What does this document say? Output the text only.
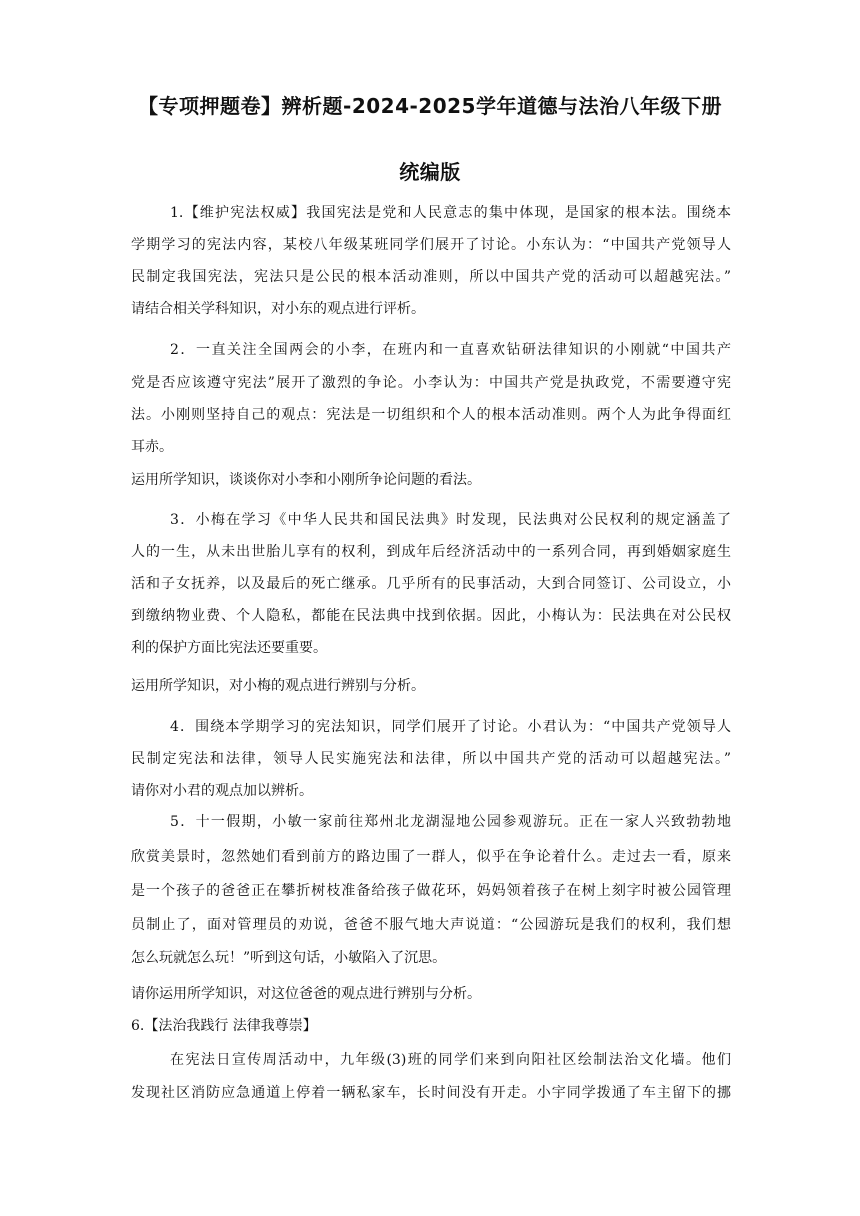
【专项押题卷】辨析题-2024-2025学年道德与法治八年级下册
统编版
1.【维护宪法权威】我国宪法是党和人民意志的集中体现，是国家的根本法。围绕本
学期学习的宪法内容，某校八年级某班同学们展开了讨论。小东认为：“中国共产党领导人
民制定我国宪法，宪法只是公民的根本活动准则，所以中国共产党的活动可以超越宪法。”
请结合相关学科知识，对小东的观点进行评析。
2．一直关注全国两会的小李，在班内和一直喜欢钻研法律知识的小刚就“中国共产
党是否应该遵守宪法”展开了激烈的争论。小李认为：中国共产党是执政党，不需要遵守宪
法。小刚则坚持自己的观点：宪法是一切组织和个人的根本活动准则。两个人为此争得面红
耳赤。
运用所学知识，谈谈你对小李和小刚所争论问题的看法。
3．小梅在学习《中华人民共和国民法典》时发现，民法典对公民权利的规定涵盖了
人的一生，从未出世胎儿享有的权利，到成年后经济活动中的一系列合同，再到婚姻家庭生
活和子女抚养，以及最后的死亡继承。几乎所有的民事活动，大到合同签订、公司设立，小
到缴纳物业费、个人隐私，都能在民法典中找到依据。因此，小梅认为：民法典在对公民权
利的保护方面比宪法还要重要。
运用所学知识，对小梅的观点进行辨别与分析。
4．围绕本学期学习的宪法知识，同学们展开了讨论。小君认为：“中国共产党领导人
民制定宪法和法律，领导人民实施宪法和法律，所以中国共产党的活动可以超越宪法。”
请你对小君的观点加以辨析。
5．十一假期，小敏一家前往郑州北龙湖湿地公园参观游玩。正在一家人兴致勃勃地
欣赏美景时，忽然她们看到前方的路边围了一群人，似乎在争论着什么。走过去一看，原来
是一个孩子的爸爸正在攀折树枝准备给孩子做花环，妈妈领着孩子在树上刻字时被公园管理
员制止了，面对管理员的劝说，爸爸不服气地大声说道：“公园游玩是我们的权利，我们想
怎么玩就怎么玩！”听到这句话，小敏陷入了沉思。
请你运用所学知识，对这位爸爸的观点进行辨别与分析。
6.【法治我践行 法律我尊崇】
在宪法日宣传周活动中，九年级(3)班的同学们来到向阳社区绘制法治文化墙。他们
发现社区消防应急通道上停着一辆私家车，长时间没有开走。小宇同学拨通了车主留下的挪
